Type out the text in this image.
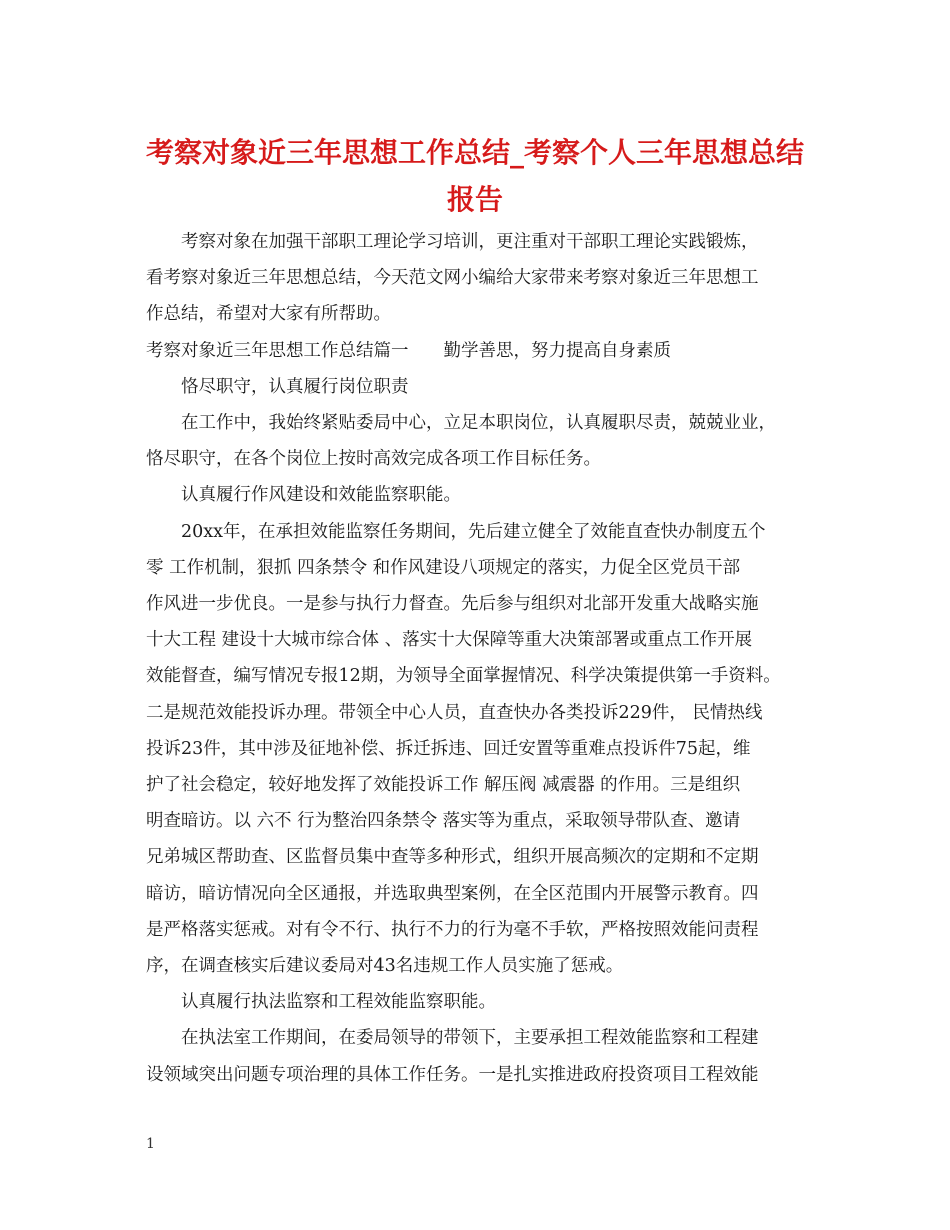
考察对象近三年思想工作总结_考察个人三年思想总结
报告
　　考察对象在加强干部职工理论学习培训，更注重对干部职工理论实践锻炼，
看考察对象近三年思想总结，今天范文网小编给大家带来考察对象近三年思想工
作总结，希望对大家有所帮助。
考察对象近三年思想工作总结篇一　　勤学善思，努力提高自身素质
　　恪尽职守，认真履行岗位职责
　　在工作中，我始终紧贴委局中心，立足本职岗位，认真履职尽责，兢兢业业，
恪尽职守，在各个岗位上按时高效完成各项工作目标任务。
　　认真履行作风建设和效能监察职能。
　　20xx年，在承担效能监察任务期间，先后建立健全了效能直查快办制度五个
零 工作机制，狠抓 四条禁令 和作风建设八项规定的落实，力促全区党员干部
作风进一步优良。一是参与执行力督查。先后参与组织对北部开发重大战略实施
十大工程 建设十大城市综合体 、落实十大保障等重大决策部署或重点工作开展
效能督查，编写情况专报12期，为领导全面掌握情况、科学决策提供第一手资料。
二是规范效能投诉办理。带领全中心人员，直查快办各类投诉229件， 民情热线
投诉23件，其中涉及征地补偿、拆迁拆违、回迁安置等重难点投诉件75起，维
护了社会稳定，较好地发挥了效能投诉工作 解压阀 减震器 的作用。三是组织
明查暗访。以 六不 行为整治四条禁令 落实等为重点，采取领导带队查、邀请
兄弟城区帮助查、区监督员集中查等多种形式，组织开展高频次的定期和不定期
暗访，暗访情况向全区通报，并选取典型案例，在全区范围内开展警示教育。四
是严格落实惩戒。对有令不行、执行不力的行为毫不手软，严格按照效能问责程
序，在调查核实后建议委局对43名违规工作人员实施了惩戒。
　　认真履行执法监察和工程效能监察职能。
　　在执法室工作期间，在委局领导的带领下，主要承担工程效能监察和工程建
设领域突出问题专项治理的具体工作任务。一是扎实推进政府投资项目工程效能
1
